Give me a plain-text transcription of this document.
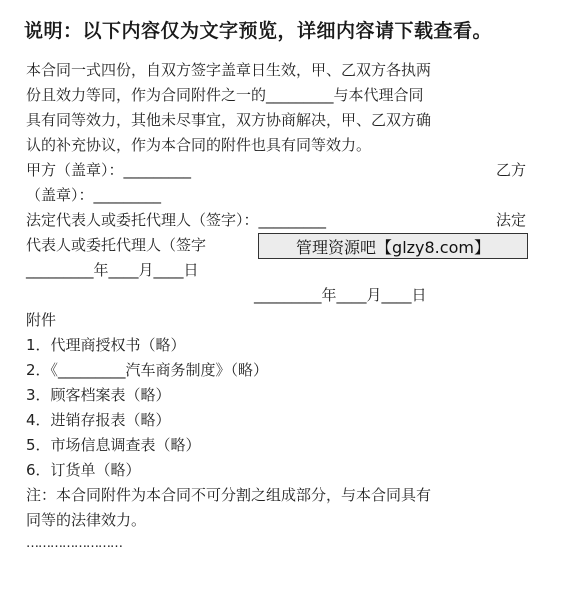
说明：以下内容仅为文字预览，详细内容请下载查看。
本合同一式四份，自双方签字盖章日生效，甲、乙双方各执两
份且效力等同，作为合同附件之一的_________与本代理合同
具有同等效力，其他未尽事宜，双方协商解决，甲、乙双方确
认的补充协议，作为本合同的附件也具有同等效力。
甲方（盖章）：_________	乙方
（盖章）：_________
法定代表人或委托代理人（签字）：_________	法定
代表人或委托代理人（签字	管理资源吧【glzy8.com】
_________年____月____日
_________年____月____日
附件
1．代理商授权书（略）
2．《_________汽车商务制度》（略）
3．顾客档案表（略）
4．进销存报表（略）
5．市场信息调查表（略）
6．订货单（略）
注：本合同附件为本合同不可分割之组成部分，与本合同具有
同等的法律效力。
……………………
